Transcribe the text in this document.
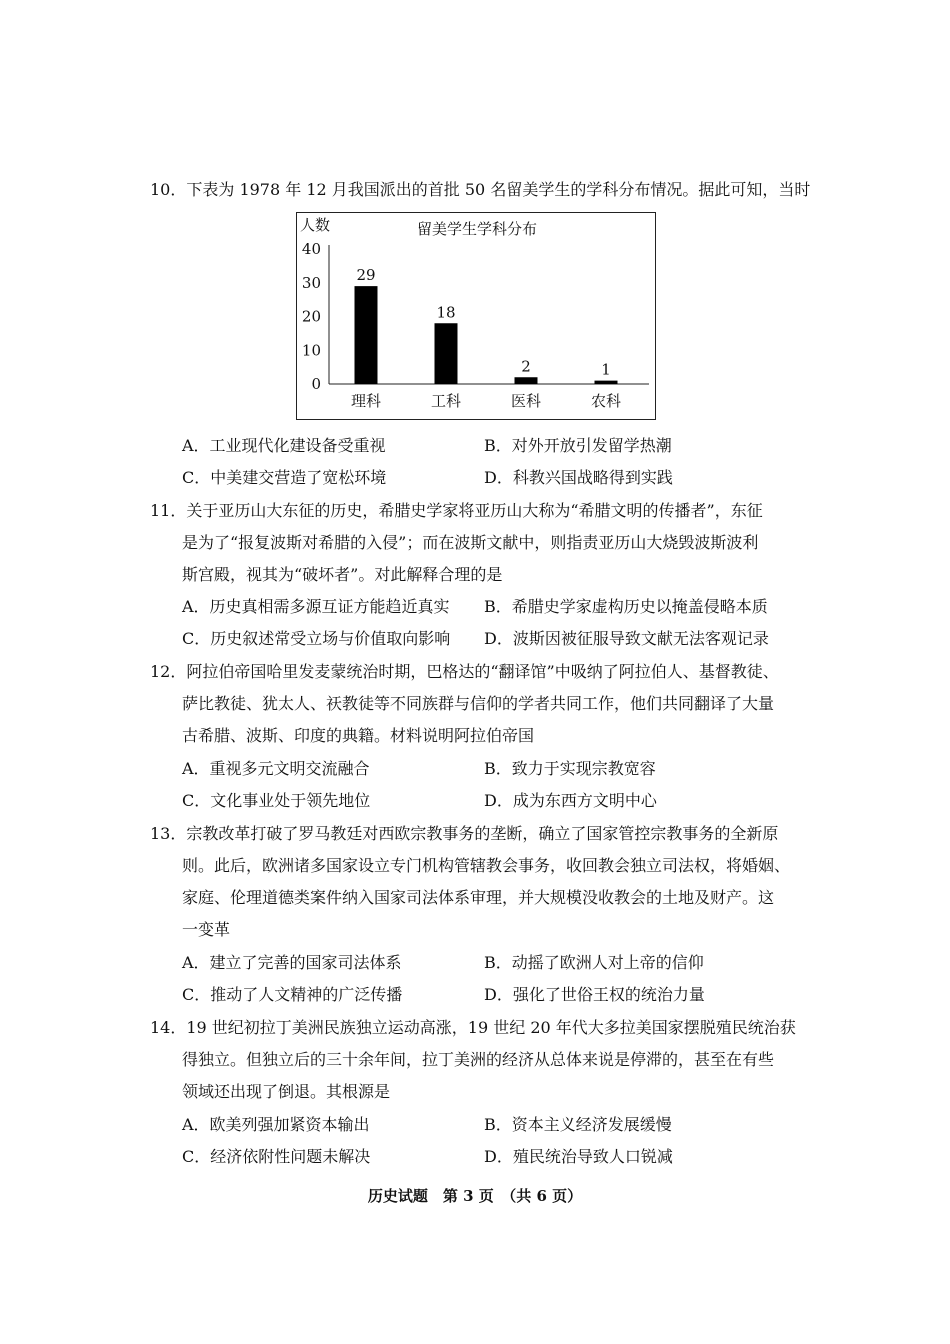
10．下表为 1978 年 12 月我国派出的首批 50 名留美学生的学科分布情况。据此可知，当时
留美学生学科分布
人数
0
10
20
30
40
29
理科
18
工科
2
医科
1
农科
A．工业现代化建设备受重视	B．对外开放引发留学热潮
C．中美建交营造了宽松环境	D．科教兴国战略得到实践
11．关于亚历山大东征的历史，希腊史学家将亚历山大称为“希腊文明的传播者”，东征
是为了“报复波斯对希腊的入侵”；而在波斯文献中，则指责亚历山大烧毁波斯波利
斯宫殿，视其为“破坏者”。对此解释合理的是
A．历史真相需多源互证方能趋近真实 B．希腊史学家虚构历史以掩盖侵略本质
C．历史叙述常受立场与价值取向影响 D．波斯因被征服导致文献无法客观记录
12．阿拉伯帝国哈里发麦蒙统治时期，巴格达的“翻译馆”中吸纳了阿拉伯人、基督教徒、
萨比教徒、犹太人、祆教徒等不同族群与信仰的学者共同工作，他们共同翻译了大量
古希腊、波斯、印度的典籍。材料说明阿拉伯帝国
A．重视多元文明交流融合	B．致力于实现宗教宽容
C．文化事业处于领先地位	D．成为东西方文明中心
13．宗教改革打破了罗马教廷对西欧宗教事务的垄断，确立了国家管控宗教事务的全新原
则。此后，欧洲诸多国家设立专门机构管辖教会事务，收回教会独立司法权，将婚姻、
家庭、伦理道德类案件纳入国家司法体系审理，并大规模没收教会的土地及财产。这
一变革
A．建立了完善的国家司法体系	B．动摇了欧洲人对上帝的信仰
C．推动了人文精神的广泛传播	D．强化了世俗王权的统治力量
14．19 世纪初拉丁美洲民族独立运动高涨，19 世纪 20 年代大多拉美国家摆脱殖民统治获
得独立。但独立后的三十余年间，拉丁美洲的经济从总体来说是停滞的，甚至在有些
领域还出现了倒退。其根源是
A．欧美列强加紧资本输出	B．资本主义经济发展缓慢
C．经济依附性问题未解决	D．殖民统治导致人口锐减
历史试题　第 3 页　（共 6 页）
